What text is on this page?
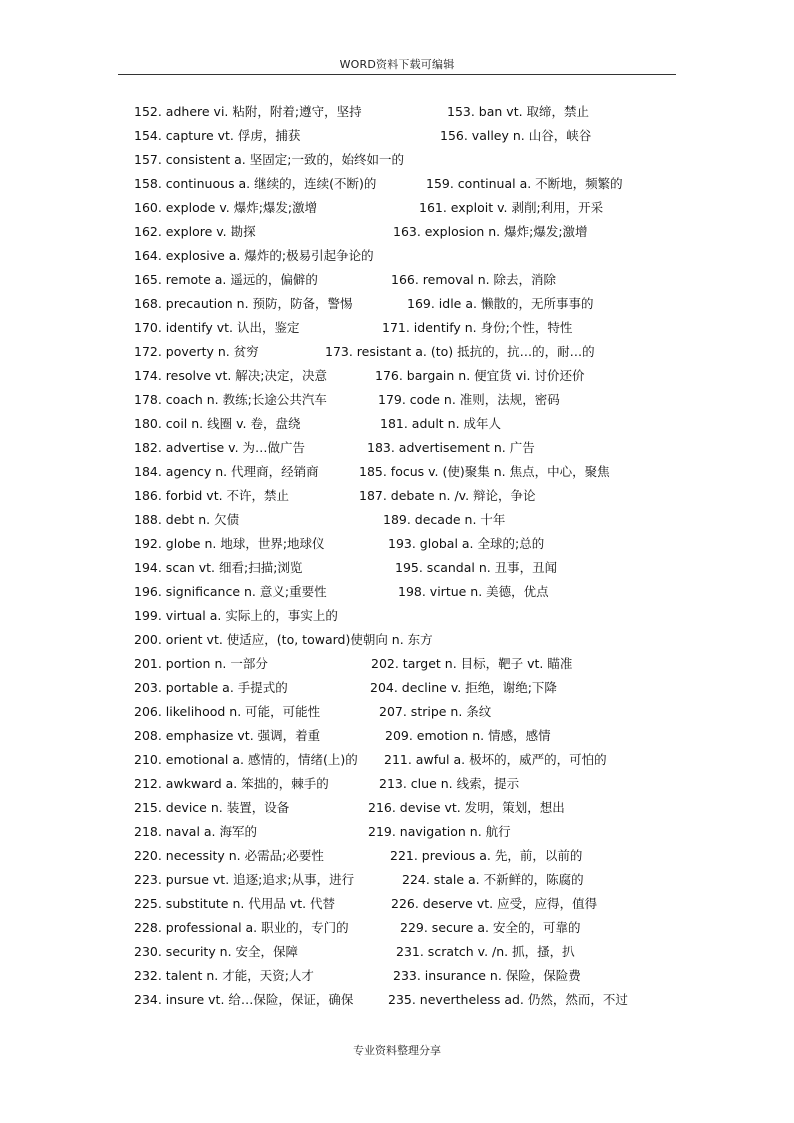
WORD资料下载可编辑
152. adhere vi. 粘附，附着;遵守，坚持	153. ban vt. 取缔，禁止
154. capture vt. 俘虏，捕获	156. valley n. 山谷，峡谷
157. consistent a. 坚固定;一致的，始终如一的
158. continuous a. 继续的，连续(不断)的	159. continual a. 不断地，频繁的
160. explode v. 爆炸;爆发;激增	161. exploit v. 剥削;利用，开采
162. explore v. 勘探	163. explosion n. 爆炸;爆发;激增
164. explosive a. 爆炸的;极易引起争论的
165. remote a. 遥远的，偏僻的	166. removal n. 除去，消除
168. precaution n. 预防，防备，警惕	169. idle a. 懒散的，无所事事的
170. identify vt. 认出，鉴定	171. identify n. 身份;个性，特性
172. poverty n. 贫穷	173. resistant a. (to) 抵抗的，抗…的，耐…的
174. resolve vt. 解决;决定，决意	176. bargain n. 便宜货 vi. 讨价还价
178. coach n. 教练;长途公共汽车	179. code n. 准则，法规，密码
180. coil n. 线圈 v. 卷，盘绕	181. adult n. 成年人
182. advertise v. 为…做广告	183. advertisement n. 广告
184. agency n. 代理商，经销商	185. focus v. (使)聚集 n. 焦点，中心，聚焦
186. forbid vt. 不许，禁止	187. debate n. /v. 辩论，争论
188. debt n. 欠债	189. decade n. 十年
192. globe n. 地球，世界;地球仪	193. global a. 全球的;总的
194. scan vt. 细看;扫描;浏览	195. scandal n. 丑事，丑闻
196. significance n. 意义;重要性	198. virtue n. 美德，优点
199. virtual a. 实际上的，事实上的
200. orient vt. 使适应，(to, toward)使朝向 n. 东方
201. portion n. 一部分	202. target n. 目标，靶子 vt. 瞄准
203. portable a. 手提式的	204. decline v. 拒绝，谢绝;下降
206. likelihood n. 可能，可能性	207. stripe n. 条纹
208. emphasize vt. 强调，着重	209. emotion n. 情感，感情
210. emotional a. 感情的，情绪(上)的 211. awful a. 极坏的，威严的，可怕的
212. awkward a. 笨拙的，棘手的	213. clue n. 线索，提示
215. device n. 装置，设备	216. devise vt. 发明，策划，想出
218. naval a. 海军的	219. navigation n. 航行
220. necessity n. 必需品;必要性	221. previous a. 先，前，以前的
223. pursue vt. 追逐;追求;从事，进行	224. stale a. 不新鲜的，陈腐的
225. substitute n. 代用品 vt. 代替	226. deserve vt. 应受，应得，值得
228. professional a. 职业的，专门的	229. secure a. 安全的，可靠的
230. security n. 安全，保障	231. scratch v. /n. 抓，搔，扒
232. talent n. 才能，天资;人才	233. insurance n. 保险，保险费
234. insure vt. 给…保险，保证，确保	235. nevertheless ad. 仍然，然而，不过
专业资料整理分享
